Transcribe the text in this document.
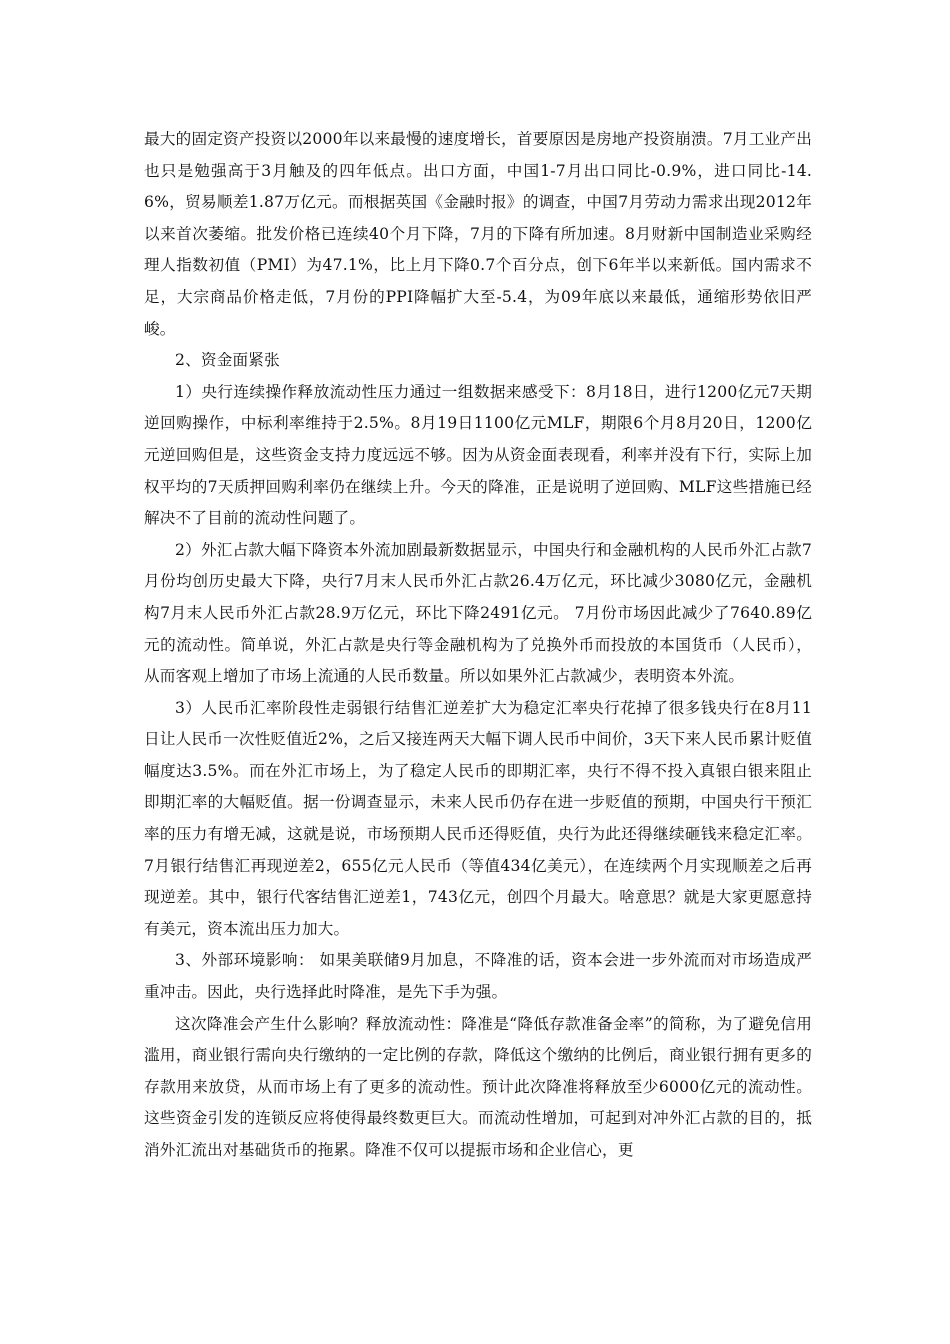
最大的固定资产投资以2000年以来最慢的速度增长，首要原因是房地产投资崩溃。7月工业产出也只是勉强高于3月触及的四年低点。出口方面，中国1-7月出口同比-0.9%，进口同比-14.6%，贸易顺差1.87万亿元。而根据英国《金融时报》的调查，中国7月劳动力需求出现2012年以来首次萎缩。批发价格已连续40个月下降，7月的下降有所加速。8月财新中国制造业采购经理人指数初值（PMI）为47.1%，比上月下降0.7个百分点，创下6年半以来新低。国内需求不足，大宗商品价格走低，7月份的PPI降幅扩大至-5.4，为09年底以来最低，通缩形势依旧严峻。

2、资金面紧张

1）央行连续操作释放流动性压力通过一组数据来感受下：8月18日，进行1200亿元7天期逆回购操作，中标利率维持于2.5%。8月19日1100亿元MLF，期限6个月8月20日，1200亿元逆回购但是，这些资金支持力度远远不够。因为从资金面表现看，利率并没有下行，实际上加权平均的7天质押回购利率仍在继续上升。今天的降准，正是说明了逆回购、MLF这些措施已经解决不了目前的流动性问题了。

2）外汇占款大幅下降资本外流加剧最新数据显示，中国央行和金融机构的人民币外汇占款7月份均创历史最大下降，央行7月末人民币外汇占款26.4万亿元，环比减少3080亿元，金融机构7月末人民币外汇占款28.9万亿元，环比下降2491亿元。 7月份市场因此减少了7640.89亿元的流动性。简单说，外汇占款是央行等金融机构为了兑换外币而投放的本国货币（人民币），从而客观上增加了市场上流通的人民币数量。所以如果外汇占款减少，表明资本外流。

3）人民币汇率阶段性走弱银行结售汇逆差扩大为稳定汇率央行花掉了很多钱央行在8月11日让人民币一次性贬值近2%，之后又接连两天大幅下调人民币中间价，3天下来人民币累计贬值幅度达3.5%。而在外汇市场上，为了稳定人民币的即期汇率，央行不得不投入真银白银来阻止即期汇率的大幅贬值。据一份调查显示，未来人民币仍存在进一步贬值的预期，中国央行干预汇率的压力有增无减，这就是说，市场预期人民币还得贬值，央行为此还得继续砸钱来稳定汇率。7月银行结售汇再现逆差2，655亿元人民币（等值434亿美元），在连续两个月实现顺差之后再现逆差。其中，银行代客结售汇逆差1，743亿元，创四个月最大。啥意思？就是大家更愿意持有美元，资本流出压力加大。

3、外部环境影响： 如果美联储9月加息，不降准的话，资本会进一步外流而对市场造成严重冲击。因此，央行选择此时降准，是先下手为强。

这次降准会产生什么影响？释放流动性：降准是“降低存款准备金率”的简称，为了避免信用滥用，商业银行需向央行缴纳的一定比例的存款，降低这个缴纳的比例后，商业银行拥有更多的存款用来放贷，从而市场上有了更多的流动性。预计此次降准将释放至少6000亿元的流动性。这些资金引发的连锁反应将使得最终数更巨大。而流动性增加，可起到对冲外汇占款的目的，抵消外汇流出对基础货币的拖累。降准不仅可以提振市场和企业信心，更
